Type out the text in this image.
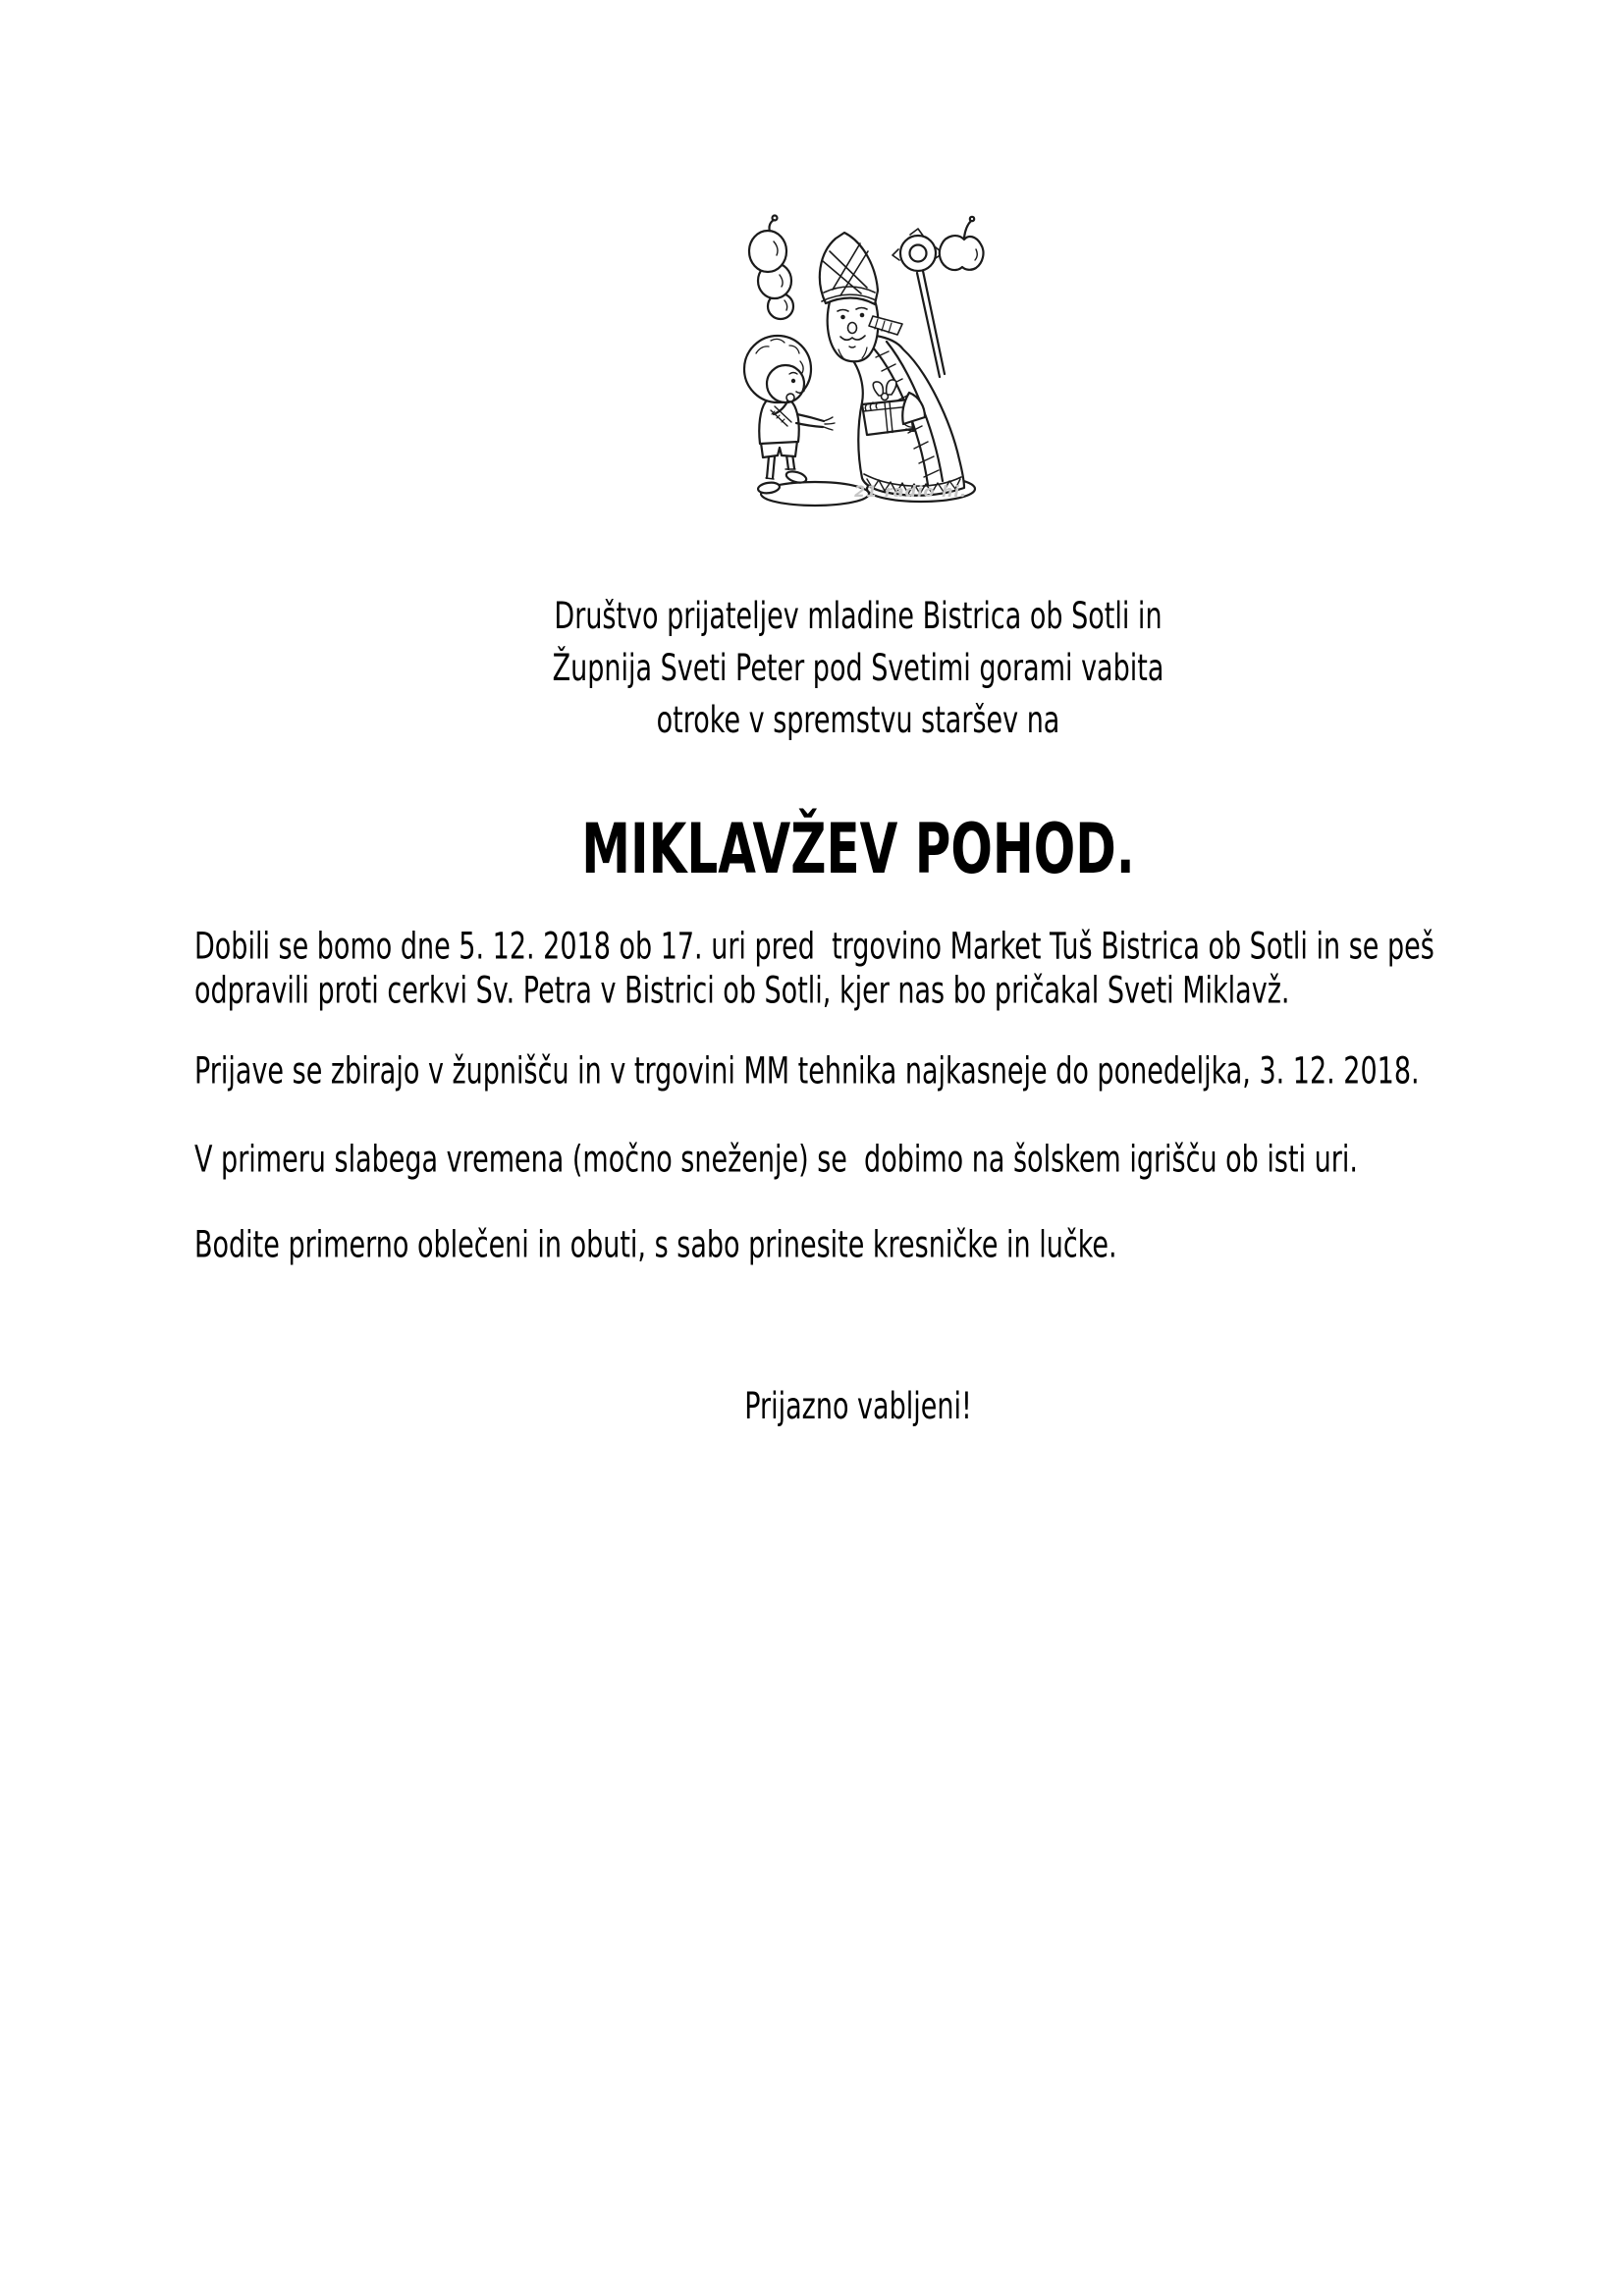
21 radio hi.
Društvo prijateljev mladine Bistrica ob Sotli in
Župnija Sveti Peter pod Svetimi gorami vabita
otroke v spremstvu staršev na
MIKLAVŽEV POHOD.
Dobili se bomo dne 5. 12. 2018 ob 17. uri pred  trgovino Market Tuš Bistrica ob Sotli in se peš
odpravili proti cerkvi Sv. Petra v Bistrici ob Sotli, kjer nas bo pričakal Sveti Miklavž.
Prijave se zbirajo v župnišču in v trgovini MM tehnika najkasneje do ponedeljka, 3. 12. 2018.
V primeru slabega vremena (močno sneženje) se  dobimo na šolskem igrišču ob isti uri.
Bodite primerno oblečeni in obuti, s sabo prinesite kresničke in lučke.
Prijazno vabljeni!
